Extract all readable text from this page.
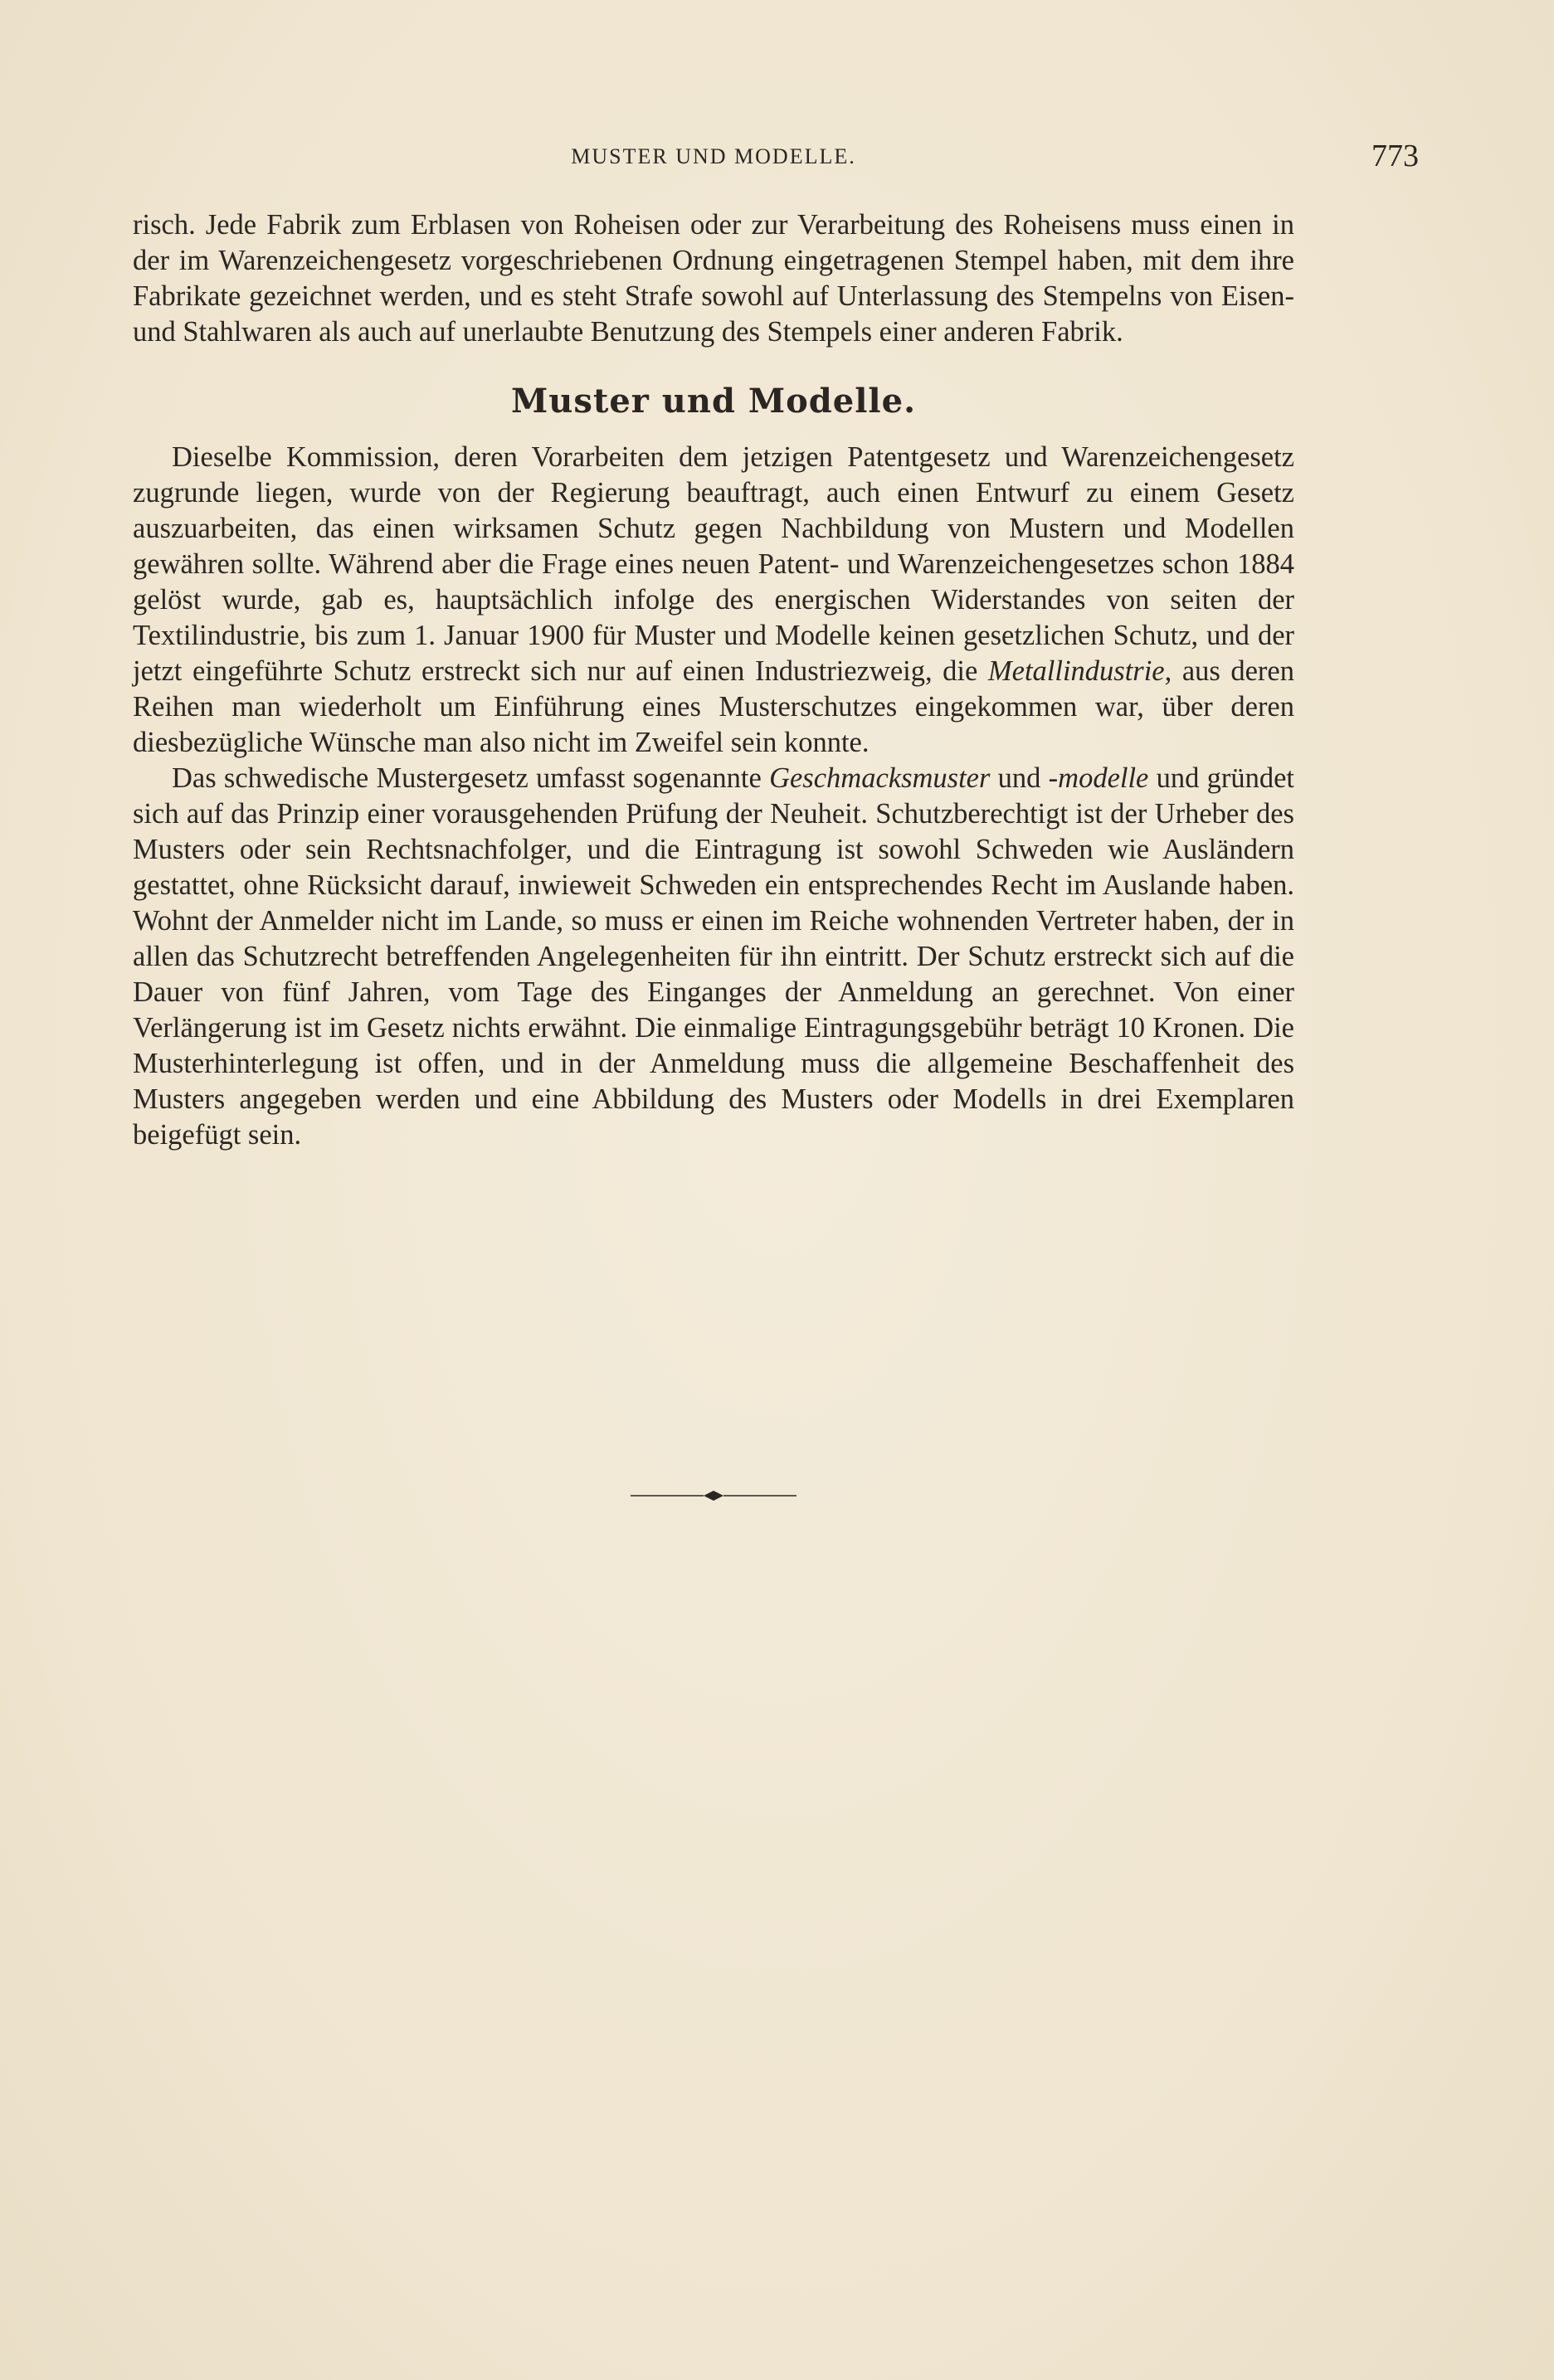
MUSTER UND MODELLE.	773

risch. Jede Fabrik zum Erblasen von Roheisen oder zur Verarbeitung des Roheisens muss einen in der im Warenzeichengesetz vorgeschriebenen Ordnung eingetragenen Stempel haben, mit dem ihre Fabrikate gezeichnet werden, und es steht Strafe sowohl auf Unterlassung des Stempelns von Eisen- und Stahlwaren als auch auf unerlaubte Benutzung des Stempels einer anderen Fabrik.

Muster und Modelle.

Dieselbe Kommission, deren Vorarbeiten dem jetzigen Patentgesetz und Warenzeichengesetz zugrunde liegen, wurde von der Regierung beauftragt, auch einen Entwurf zu einem Gesetz auszuarbeiten, das einen wirksamen Schutz gegen Nachbildung von Mustern und Modellen gewähren sollte. Während aber die Frage eines neuen Patent- und Warenzeichengesetzes schon 1884 gelöst wurde, gab es, hauptsächlich infolge des energischen Widerstandes von seiten der Textilindustrie, bis zum 1. Januar 1900 für Muster und Modelle keinen gesetzlichen Schutz, und der jetzt eingeführte Schutz erstreckt sich nur auf einen Industriezweig, die Metallindustrie, aus deren Reihen man wiederholt um Einführung eines Musterschutzes eingekommen war, über deren diesbezügliche Wünsche man also nicht im Zweifel sein konnte.

Das schwedische Mustergesetz umfasst sogenannte Geschmacksmuster und -modelle und gründet sich auf das Prinzip einer vorausgehenden Prüfung der Neuheit. Schutzberechtigt ist der Urheber des Musters oder sein Rechtsnachfolger, und die Eintragung ist sowohl Schweden wie Ausländern gestattet, ohne Rücksicht darauf, inwieweit Schweden ein entsprechendes Recht im Auslande haben. Wohnt der Anmelder nicht im Lande, so muss er einen im Reiche wohnenden Vertreter haben, der in allen das Schutzrecht betreffenden Angelegenheiten für ihn eintritt. Der Schutz erstreckt sich auf die Dauer von fünf Jahren, vom Tage des Einganges der Anmeldung an gerechnet. Von einer Verlängerung ist im Gesetz nichts erwähnt. Die einmalige Eintragungsgebühr beträgt 10 Kronen. Die Musterhinterlegung ist offen, und in der Anmeldung muss die allgemeine Beschaffenheit des Musters angegeben werden und eine Abbildung des Musters oder Modells in drei Exemplaren beigefügt sein.
